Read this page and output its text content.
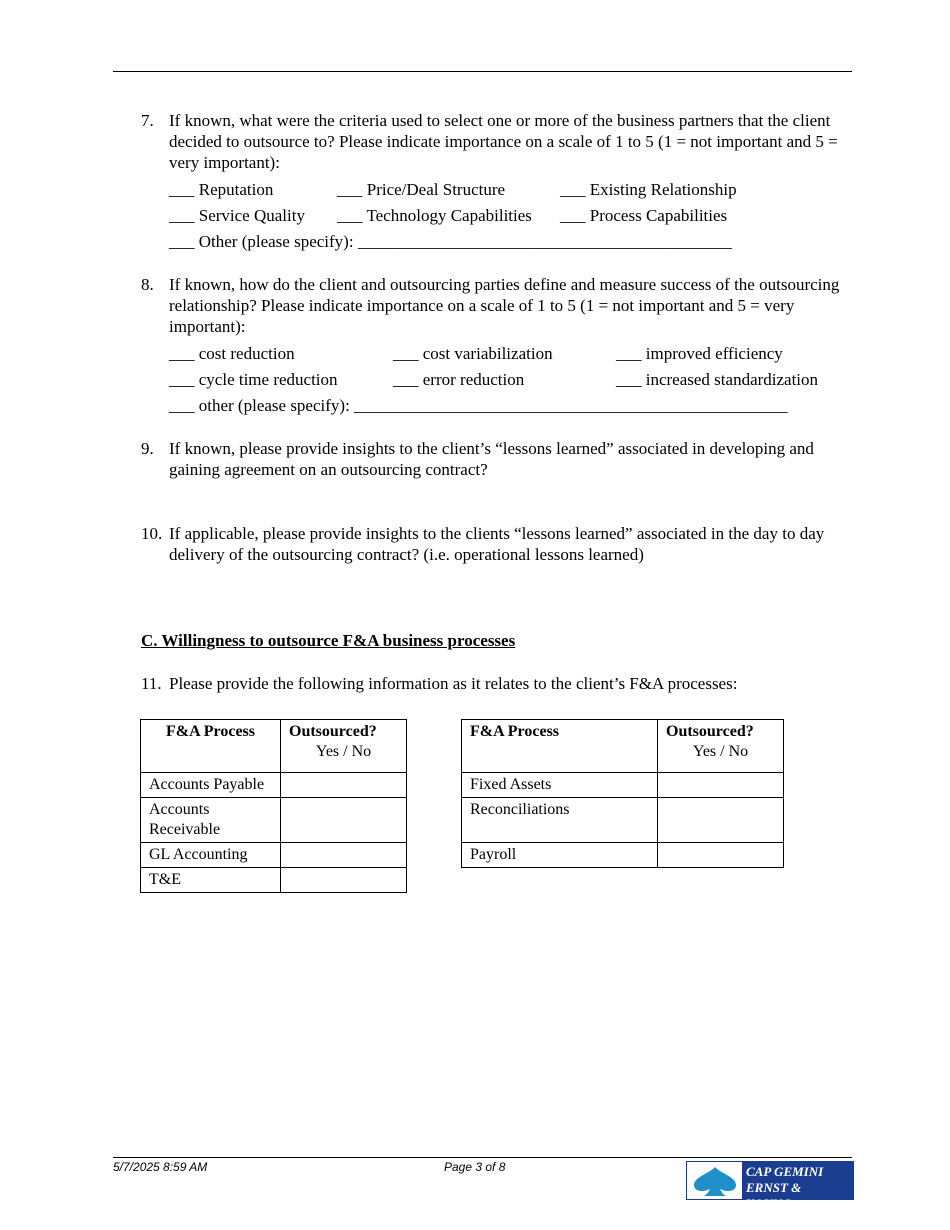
7. If known, what were the criteria used to select one or more of the business partners that the client decided to outsource to? Please indicate importance on a scale of 1 to 5 (1 = not important and 5 = very important):
___ Reputation	___ Price/Deal Structure	___ Existing Relationship
___ Service Quality ___ Technology Capabilities ___ Process Capabilities
___ Other (please specify): ____________________________________________
8. If known, how do the client and outsourcing parties define and measure success of the outsourcing relationship? Please indicate importance on a scale of 1 to 5 (1 = not important and 5 = very important):
___ cost reduction	___ cost variabilization	___ improved efficiency
___ cycle time reduction	___ error reduction	___ increased standardization
___ other (please specify): ___________________________________________________
9. If known, please provide insights to the client’s “lessons learned” associated in developing and gaining agreement on an outsourcing contract?
10. If applicable, please provide insights to the clients “lessons learned” associated in the day to day delivery of the outsourcing contract? (i.e. operational lessons learned)
C. Willingness to outsource F&A business processes
11. Please provide the following information as it relates to the client’s F&A processes:
F&A Process	Outsourced?
Yes / No

Accounts Payable	
Accounts Receivable	
GL Accounting	
T&E	
F&A Process	Outsourced?
Yes / No

Fixed Assets	
Reconciliations	
Payroll	
5/7/2025 8:59 AM	Page 3 of 8	CAP GEMINI
ERNST & YOUNG
